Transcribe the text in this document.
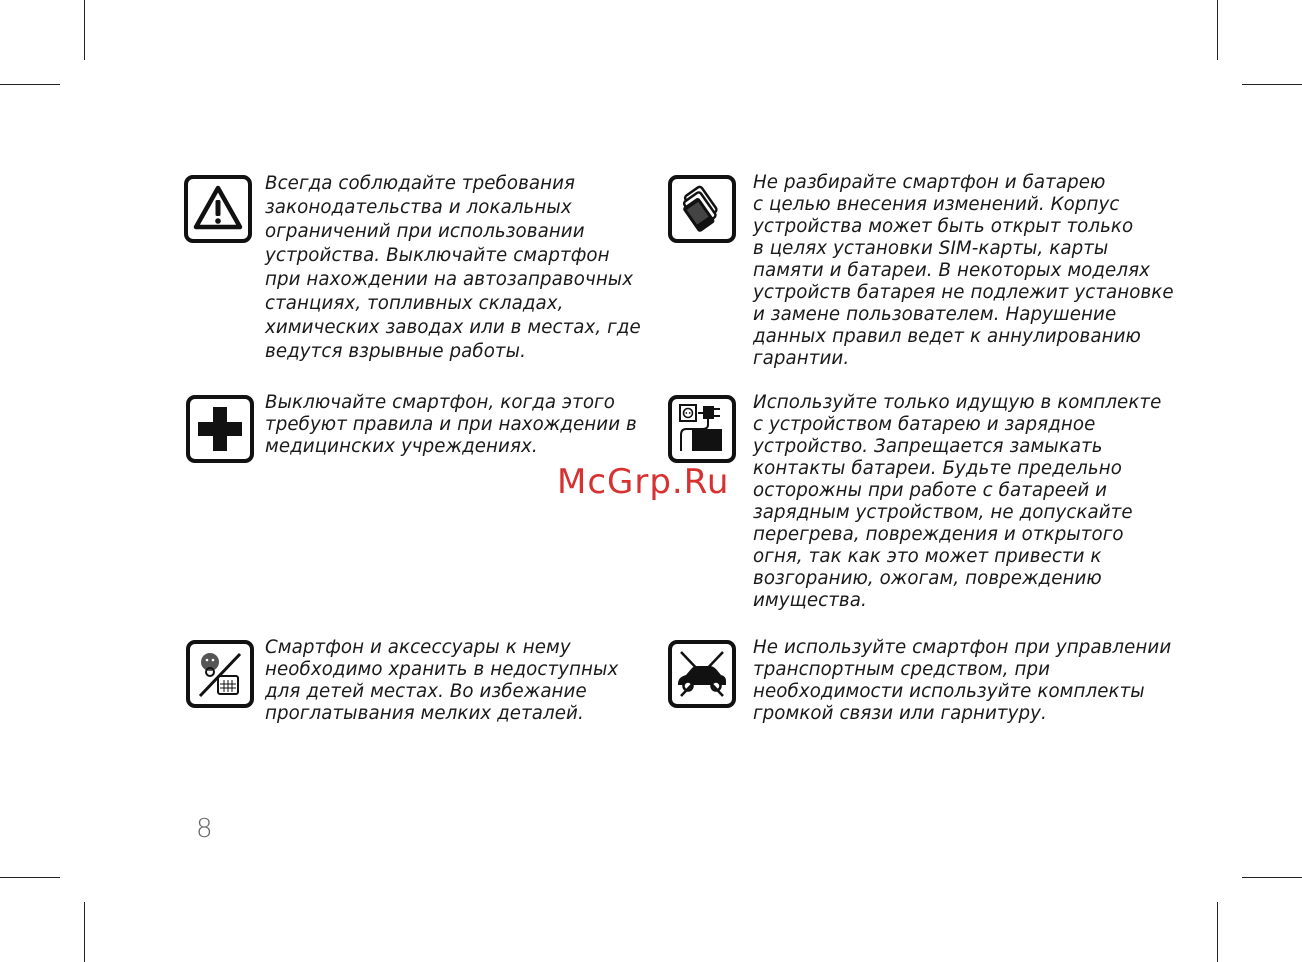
Всегда соблюдайте требования
законодательства и локальных
ограничений при использовании
устройства. Выключайте смартфон
при нахождении на автозаправочных
станциях, топливных складах,
химических заводах или в местах, где
ведутся взрывные работы.

Не разбирайте смартфон и батарею
с целью внесения изменений. Корпус
устройства может быть открыт только
в целях установки SIM-карты, карты
памяти и батареи. В некоторых моделях
устройств батарея не подлежит установке
и замене пользователем. Нарушение
данных правил ведет к аннулированию
гарантии.

Выключайте смартфон, когда этого
требуют правила и при нахождении в
медицинских учреждениях.

Используйте только идущую в комплекте
с устройством батарею и зарядное
устройство. Запрещается замыкать
контакты батареи. Будьте предельно
осторожны при работе с батареей и
зарядным устройством, не допускайте
перегрева, повреждения и открытого
огня, так как это может привести к
возгоранию, ожогам, повреждению
имущества.

Смартфон и аксессуары к нему
необходимо хранить в недоступных
для детей местах. Во избежание
проглатывания мелких деталей.

Не используйте смартфон при управлении
транспортным средством, при
необходимости используйте комплекты
громкой связи или гарнитуру.

McGrp.Ru
8
